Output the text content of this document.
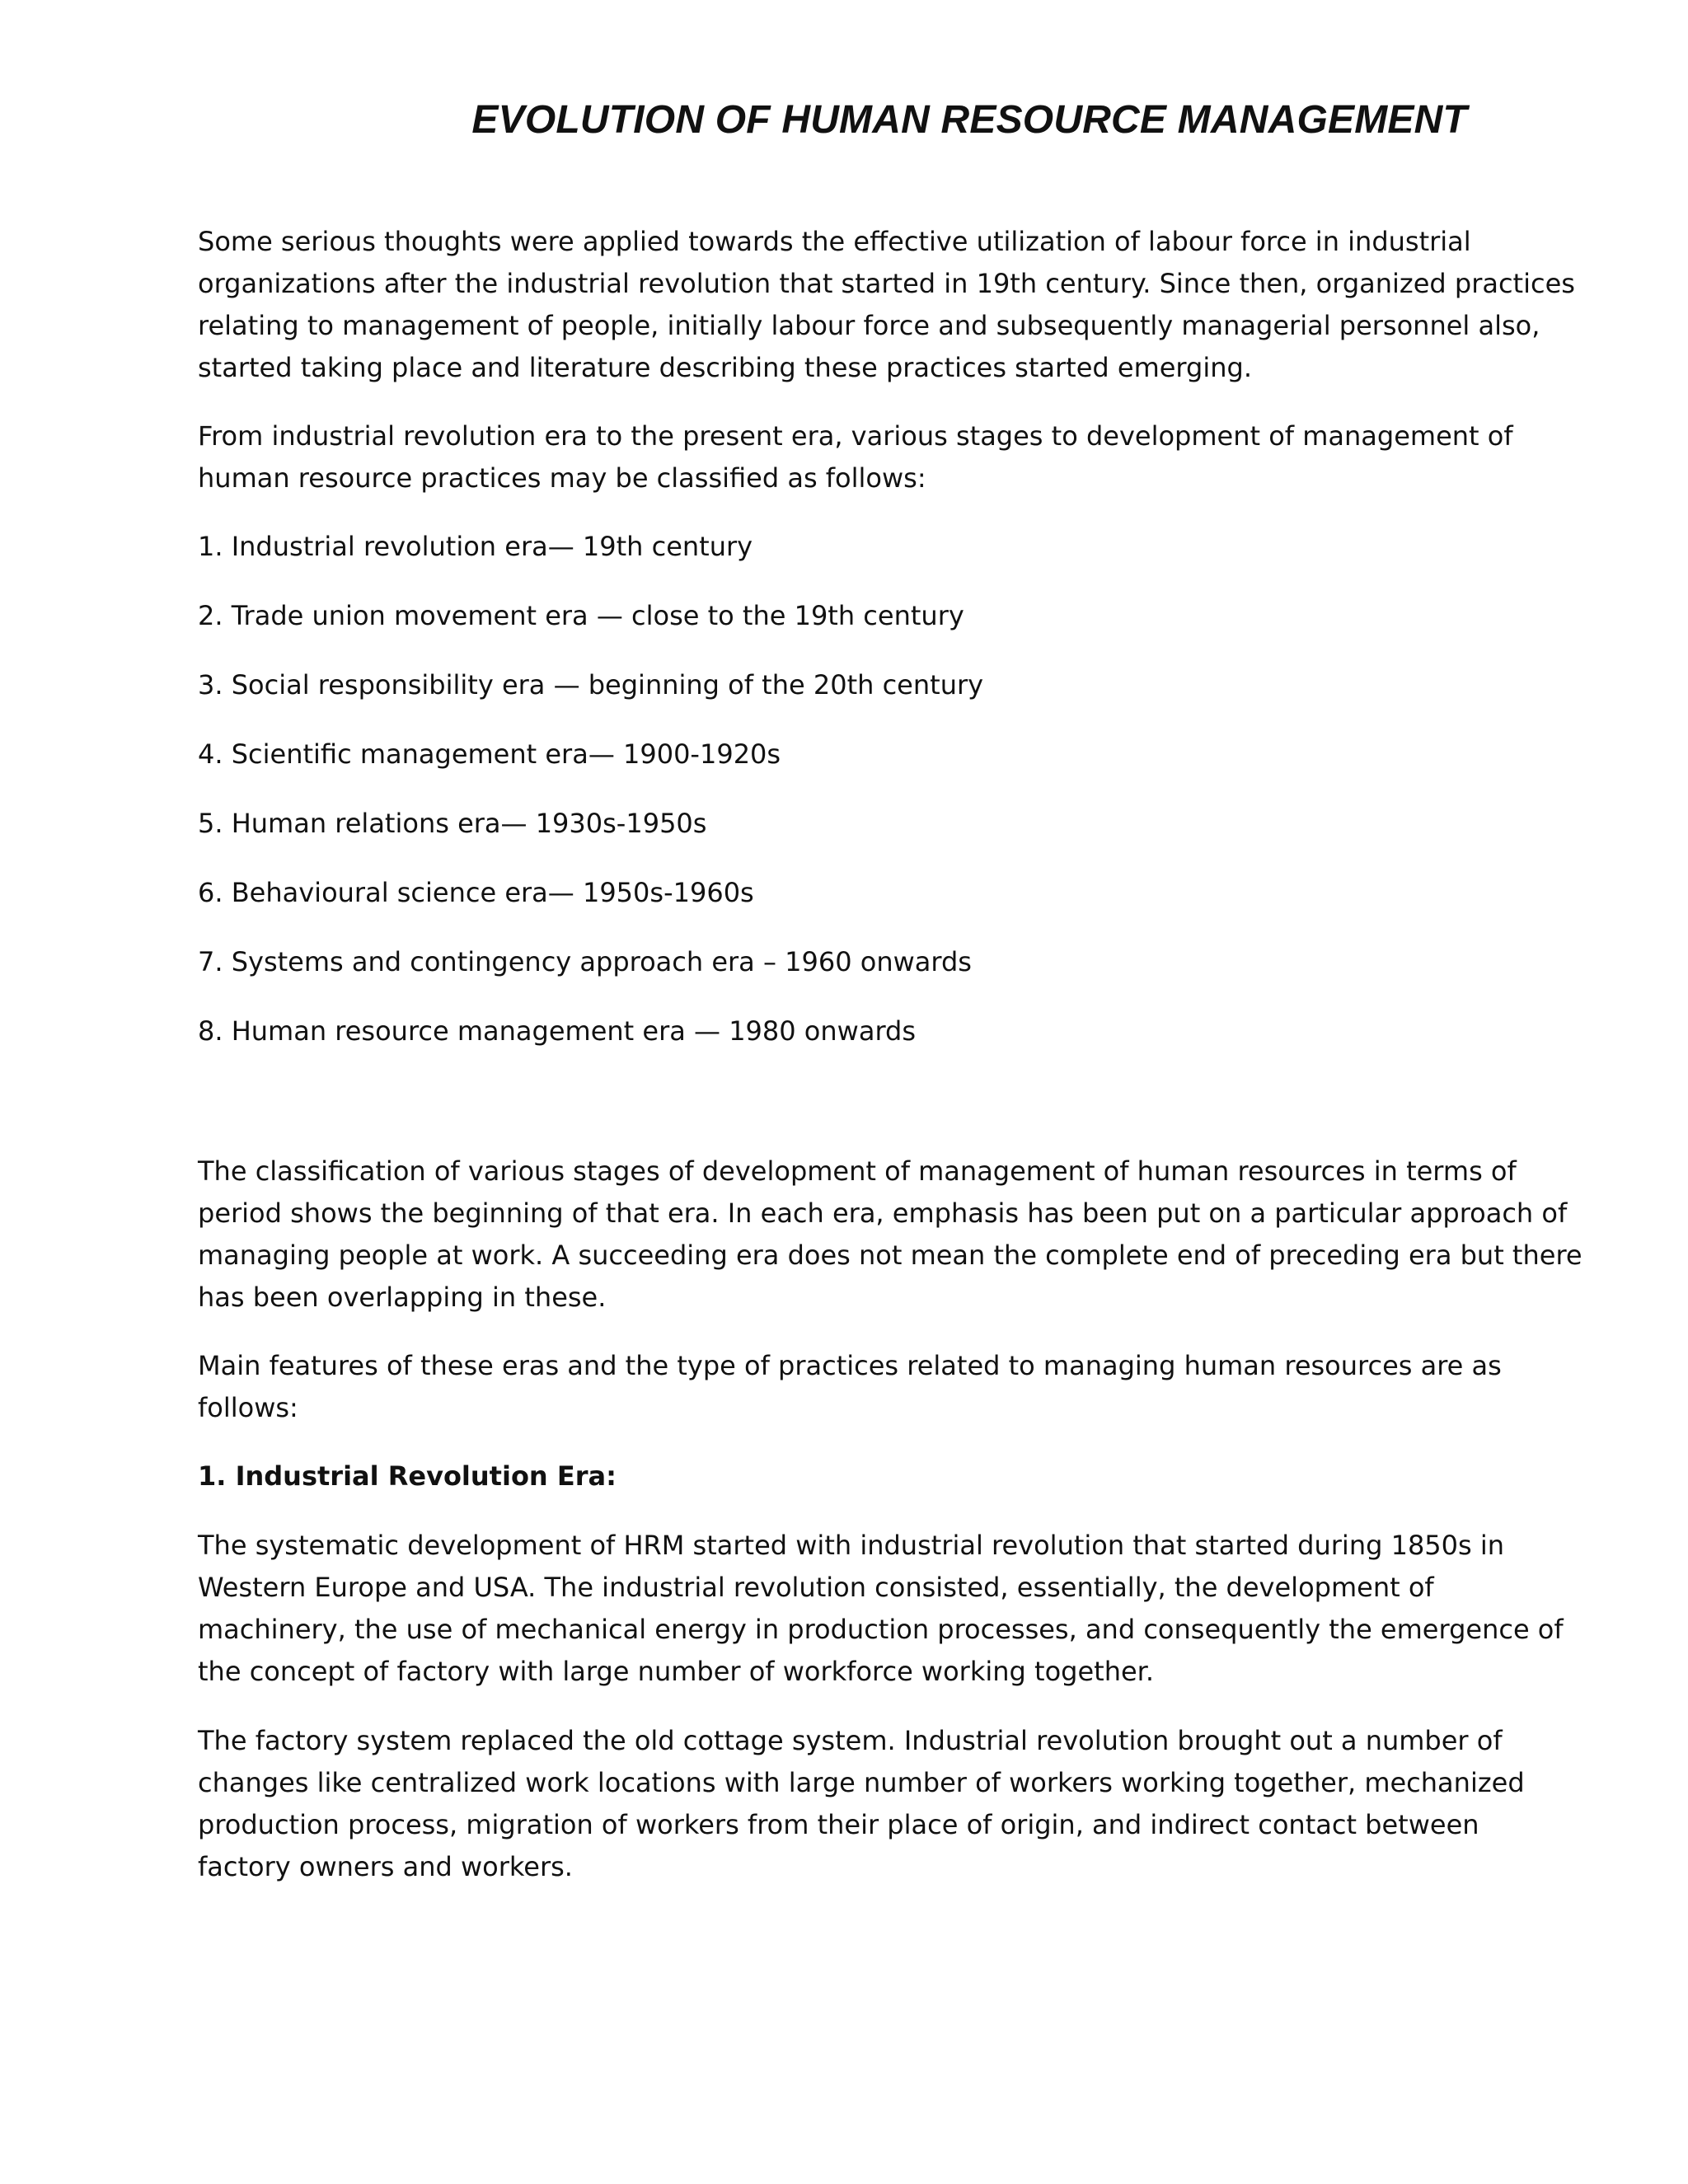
EVOLUTION OF HUMAN RESOURCE MANAGEMENT

Some serious thoughts were applied towards the effective utilization of labour force in industrial
organizations after the industrial revolution that started in 19th century. Since then, organized practices
relating to management of people, initially labour force and subsequently managerial personnel also,
started taking place and literature describing these practices started emerging.

From industrial revolution era to the present era, various stages to development of management of
human resource practices may be classified as follows:

1. Industrial revolution era— 19th century

2. Trade union movement era — close to the 19th century

3. Social responsibility era — beginning of the 20th century

4. Scientific management era— 1900-1920s

5. Human relations era— 1930s-1950s

6. Behavioural science era— 1950s-1960s

7. Systems and contingency approach era – 1960 onwards

8. Human resource management era — 1980 onwards

The classification of various stages of development of management of human resources in terms of
period shows the beginning of that era. In each era, emphasis has been put on a particular approach of
managing people at work. A succeeding era does not mean the complete end of preceding era but there
has been overlapping in these.

Main features of these eras and the type of practices related to managing human resources are as
follows:

1. Industrial Revolution Era:

The systematic development of HRM started with industrial revolution that started during 1850s in
Western Europe and USA. The industrial revolution consisted, essentially, the development of
machinery, the use of mechanical energy in production processes, and consequently the emergence of
the concept of factory with large number of workforce working together.

The factory system replaced the old cottage system. Industrial revolution brought out a number of
changes like centralized work locations with large number of workers working together, mechanized
production process, migration of workers from their place of origin, and indirect contact between
factory owners and workers.
